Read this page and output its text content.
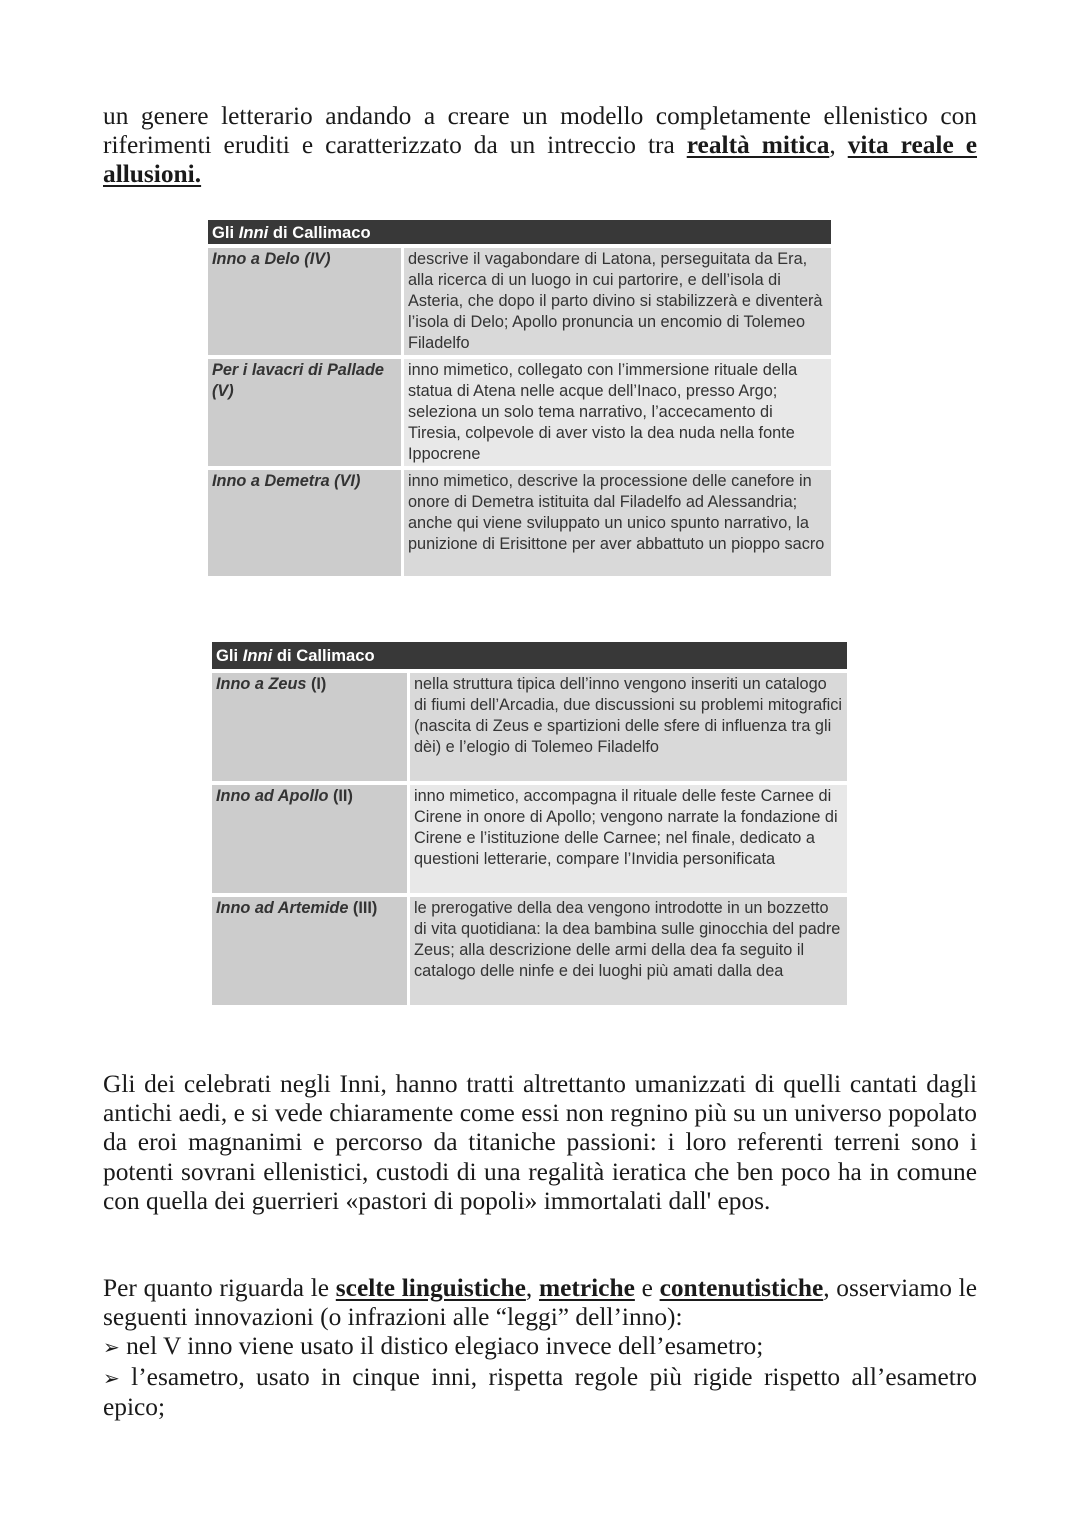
un genere letterario andando a creare un modello completamente ellenistico con riferimenti eruditi e caratterizzato da un intreccio tra realtà mitica, vita reale e allusioni.

Gli Inni di Callimaco	

Inno a Delo (IV)	descrive il vagabondare di Latona, perseguitata da Era, alla ricerca di un luogo in cui partorire, e dell’isola di Asteria, che dopo il parto divino si stabilizzerà e diventerà l’isola di Delo; Apollo pronuncia un encomio di Tolemeo Filadelfo

Per i lavacri di Pallade (V)	inno mimetico, collegato con l’immersione rituale della statua di Atena nelle acque dell’Inaco, presso Argo; seleziona un solo tema narrativo, l’accecamento di Tiresia, colpevole di aver visto la dea nuda nella fonte Ippocrene

Inno a Demetra (VI)	inno mimetico, descrive la processione delle canefore in onore di Demetra istituita dal Filadelfo ad Alessandria; anche qui viene sviluppato un unico spunto narrativo, la punizione di Erisittone per aver abbattuto un pioppo sacro
Gli Inni di Callimaco	

Inno a Zeus (I)	nella struttura tipica dell’inno vengono inseriti un catalogo di fiumi dell’Arcadia, due discussioni su problemi mitografici (nascita di Zeus e spartizioni delle sfere di influenza tra gli dèi) e l’elogio di Tolemeo Filadelfo

Inno ad Apollo (II)	inno mimetico, accompagna il rituale delle feste Carnee di Cirene in onore di Apollo; vengono narrate la fondazione di Cirene e l’istituzione delle Carnee; nel finale, dedicato a questioni letterarie, compare l’Invidia personificata

Inno ad Artemide (III)	le prerogative della dea vengono introdotte in un bozzetto di vita quotidiana: la dea bambina sulle ginocchia del padre Zeus; alla descrizione delle armi della dea fa seguito il catalogo delle ninfe e dei luoghi più amati dalla dea

Gli dei celebrati negli Inni, hanno tratti altrettanto umanizzati di quelli cantati dagli antichi aedi, e si vede chiaramente come essi non regnino più su un universo popolato da eroi magnanimi e percorso da titaniche passioni: i loro referenti terreni sono i potenti sovrani ellenistici, custodi di una regalità ieratica che ben poco ha in comune con quella dei guerrieri «pastori di popoli» immortalati dall' epos.

Per quanto riguarda le scelte linguistiche, metriche e contenutistiche, osserviamo le seguenti innovazioni (o infrazioni alle “leggi” dell’inno):
➢ nel V inno viene usato il distico elegiaco invece dell’esametro;
➢ l’esametro, usato in cinque inni, rispetta regole più rigide rispetto all’esametro epico;
